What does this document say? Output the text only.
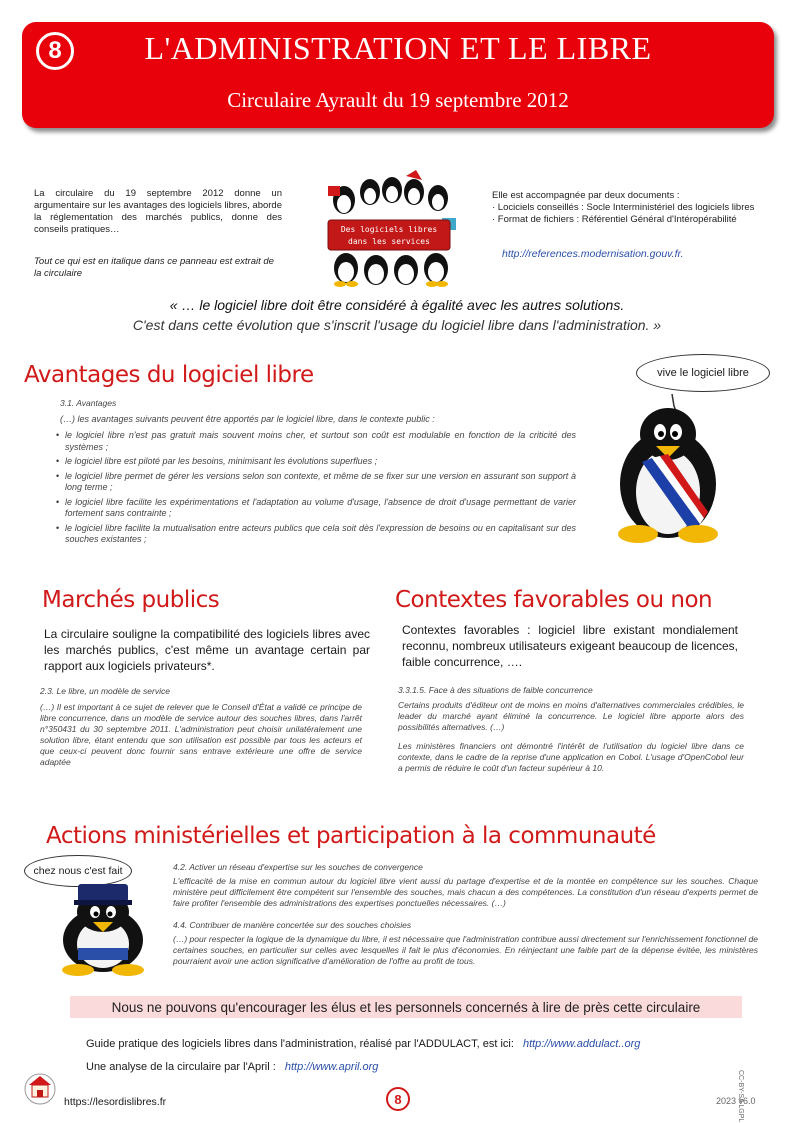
8	L'ADMINISTRATION ET LE LIBRE
Circulaire Ayrault du 19 septembre 2012
La circulaire du 19 septembre 2012 donne un argumentaire sur les avantages des logiciels libres, aborde la réglementation des marchés publics, donne des conseils pratiques…
Tout ce qui est en italique dans ce panneau est extrait de la circulaire
Des logiciels libres
dans les services
Elle est accompagnée par deux documents :
· Lociciels conseillés : Socle Interministériel des logiciels libres
· Format de fichiers : Référentiel Général d'Intéropérabilité
http://references.modernisation.gouv.fr.
« … le logiciel libre doit être considéré à égalité avec les autres solutions.
C'est dans cette évolution que s'inscrit l'usage du logiciel libre dans l'administration. »
Avantages du logiciel libre
3.1. Avantages
(…) les avantages suivants peuvent être apportés par le logiciel libre, dans le contexte public :
• le logiciel libre n'est pas gratuit mais souvent moins cher, et surtout son coût est modulable en fonction de la criticité des systèmes ;
• le logiciel libre est piloté par les besoins, minimisant les évolutions superflues ;
• le logiciel libre permet de gérer les versions selon son contexte, et même de se fixer sur une version en assurant son support à long terme ;
• le logiciel libre facilite les expérimentations et l'adaptation au volume d'usage, l'absence de droit d'usage permettant de varier fortement sans contrainte ;
• le logiciel libre facilite la mutualisation entre acteurs publics que cela soit dès l'expression de besoins ou en capitalisant sur des souches existantes ;
vive le logiciel libre
Marchés publics
La circulaire souligne la compatibilité des logiciels libres avec les marchés publics, c'est même un avantage certain par rapport aux logiciels privateurs*.
2.3. Le libre, un modèle de service
(…) Il est important à ce sujet de relever que le Conseil d'État a validé ce principe de libre concurrence, dans un modèle de service autour des souches libres, dans l'arrêt n°350431 du 30 septembre 2011. L'administration peut choisir unilatéralement une solution libre, étant entendu que son utilisation est possible par tous les acteurs et que ceux-ci peuvent donc fournir sans entrave extérieure une offre de service adaptée
Contextes favorables ou non
Contextes favorables : logiciel libre existant mondialement reconnu, nombreux utilisateurs exigeant beaucoup de licences, faible concurrence, ….
3.3.1.5. Face à des situations de faible concurrence
Certains produits d'éditeur ont de moins en moins d'alternatives commerciales crédibles, le leader du marché ayant éliminé la concurrence. Le logiciel libre apporte alors des possibilités alternatives. (…)
Les ministères financiers ont démontré l'intérêt de l'utilisation du logiciel libre dans ce contexte, dans le cadre de la reprise d'une application en Cobol. L'usage d'OpenCobol leur a permis de réduire le coût d'un facteur supérieur à 10.
Actions ministérielles et participation à la communauté
chez nous c'est fait	4.2. Activer un réseau d'expertise sur les souches de convergence
L'efficacité de la mise en commun autour du logiciel libre vient aussi du partage d'expertise et de la montée en compétence sur les souches. Chaque ministère peut difficilement être compétent sur l'ensemble des souches, mais chacun a des compétences. La constitution d'un réseau d'experts permet de faire profiter l'ensemble des administrations des expertises ponctuelles nécessaires. (…)
4.4. Contribuer de manière concertée sur des souches choisies
(…) pour respecter la logique de la dynamique du libre, il est nécessaire que l'administration contribue aussi directement sur l'enrichissement fonctionnel de certaines souches, en particulier sur celles avec lesquelles il fait le plus d'économies. En réinjectant une faible part de la dépense évitée, les ministères pourraient avoir une action significative d'amélioration de l'offre au profit de tous.
Nous ne pouvons qu'encourager les élus et les personnels concernés à lire de près cette circulaire
Guide pratique des logiciels libres dans l'administration, réalisé par l'ADDULACT, est ici: http://www.addulact..org
Une analyse de la circulaire par l'April : http://www.april.org
https://lesordislibres.fr	8	2023 v6.0
CC-BY-SA LGPL
